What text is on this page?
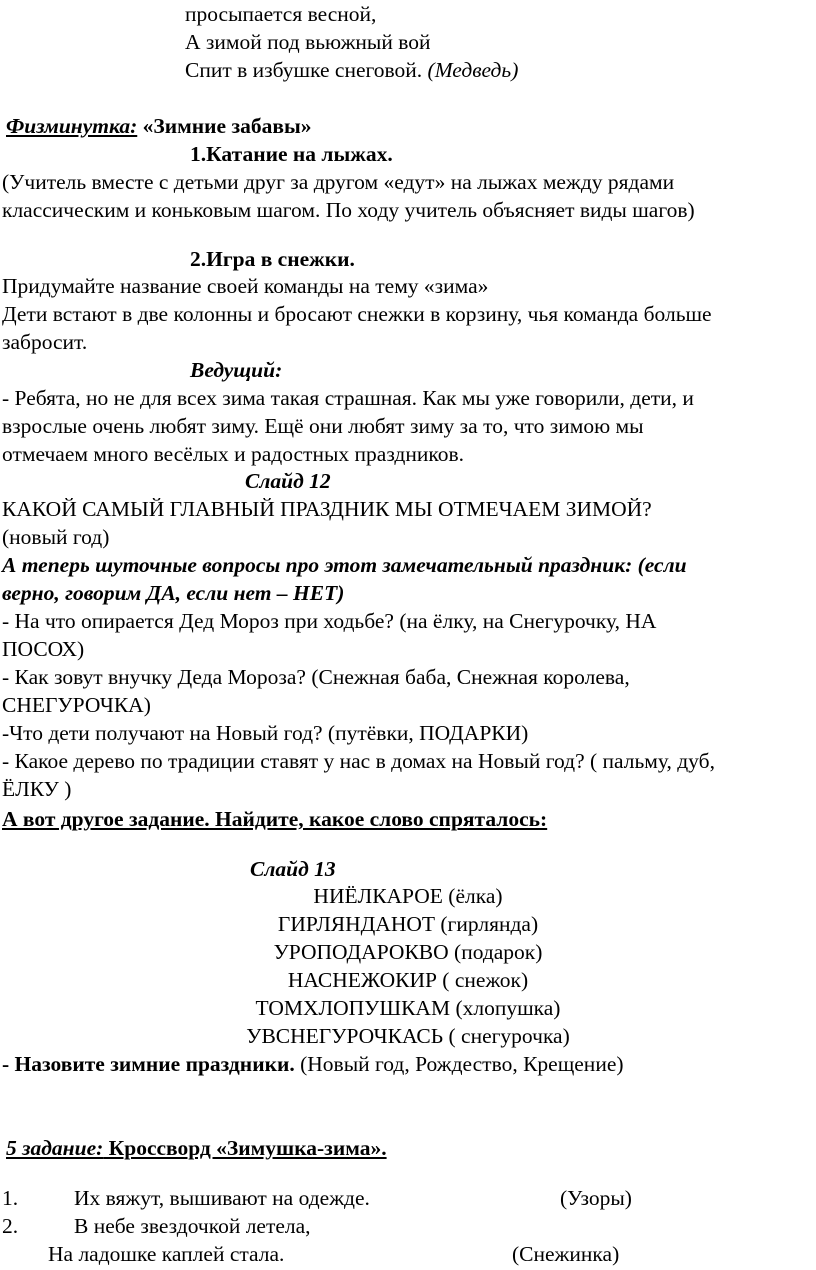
просыпается весной,
А зимой под вьюжный вой
Спит в избушке снеговой. (Медведь)
Физминутка: «Зимние забавы»
1.Катание на лыжах.
(Учитель вместе с детьми друг за другом «едут» на лыжах между рядами
классическим и коньковым шагом. По ходу учитель объясняет виды шагов)
2.Игра в снежки.
Придумайте название своей команды на тему «зима»
Дети встают в две колонны и бросают снежки в корзину, чья команда больше
забросит.
Ведущий:
- Ребята, но не для всех зима такая страшная. Как мы уже говорили, дети, и
взрослые очень любят зиму. Ещё они любят зиму за то, что зимою мы
отмечаем много весёлых и радостных праздников.
Слайд 12
КАКОЙ САМЫЙ ГЛАВНЫЙ ПРАЗДНИК МЫ ОТМЕЧАЕМ ЗИМОЙ?
(новый год)
А теперь шуточные вопросы про этот замечательный праздник: (если
верно, говорим ДА, если нет – НЕТ)
- На что опирается Дед Мороз при ходьбе? (на ёлку, на Снегурочку, НА
ПОСОХ)
- Как зовут внучку Деда Мороза? (Снежная баба, Снежная королева,
СНЕГУРОЧКА)
-Что дети получают на Новый год? (путёвки, ПОДАРКИ)
- Какое дерево по традиции ставят у нас в домах на Новый год? ( пальму, дуб,
ЁЛКУ )
А вот другое задание. Найдите, какое слово спряталось:
Слайд 13
НИЁЛКАРОЕ (ёлка)
ГИРЛЯНДАНОТ (гирлянда)
УРОПОДАРОКВО (подарок)
НАСНЕЖОКИР ( снежок)
ТОМХЛОПУШКАМ (хлопушка)
УВСНЕГУРОЧКАСЬ ( снегурочка)
- Назовите зимние праздники. (Новый год, Рождество, Крещение)
5 задание: Кроссворд «Зимушка-зима».
1.	Их вяжут, вышивают на одежде.	(Узоры)
2.	В небе звездочкой летела,
На ладошке каплей стала.	(Снежинка)
